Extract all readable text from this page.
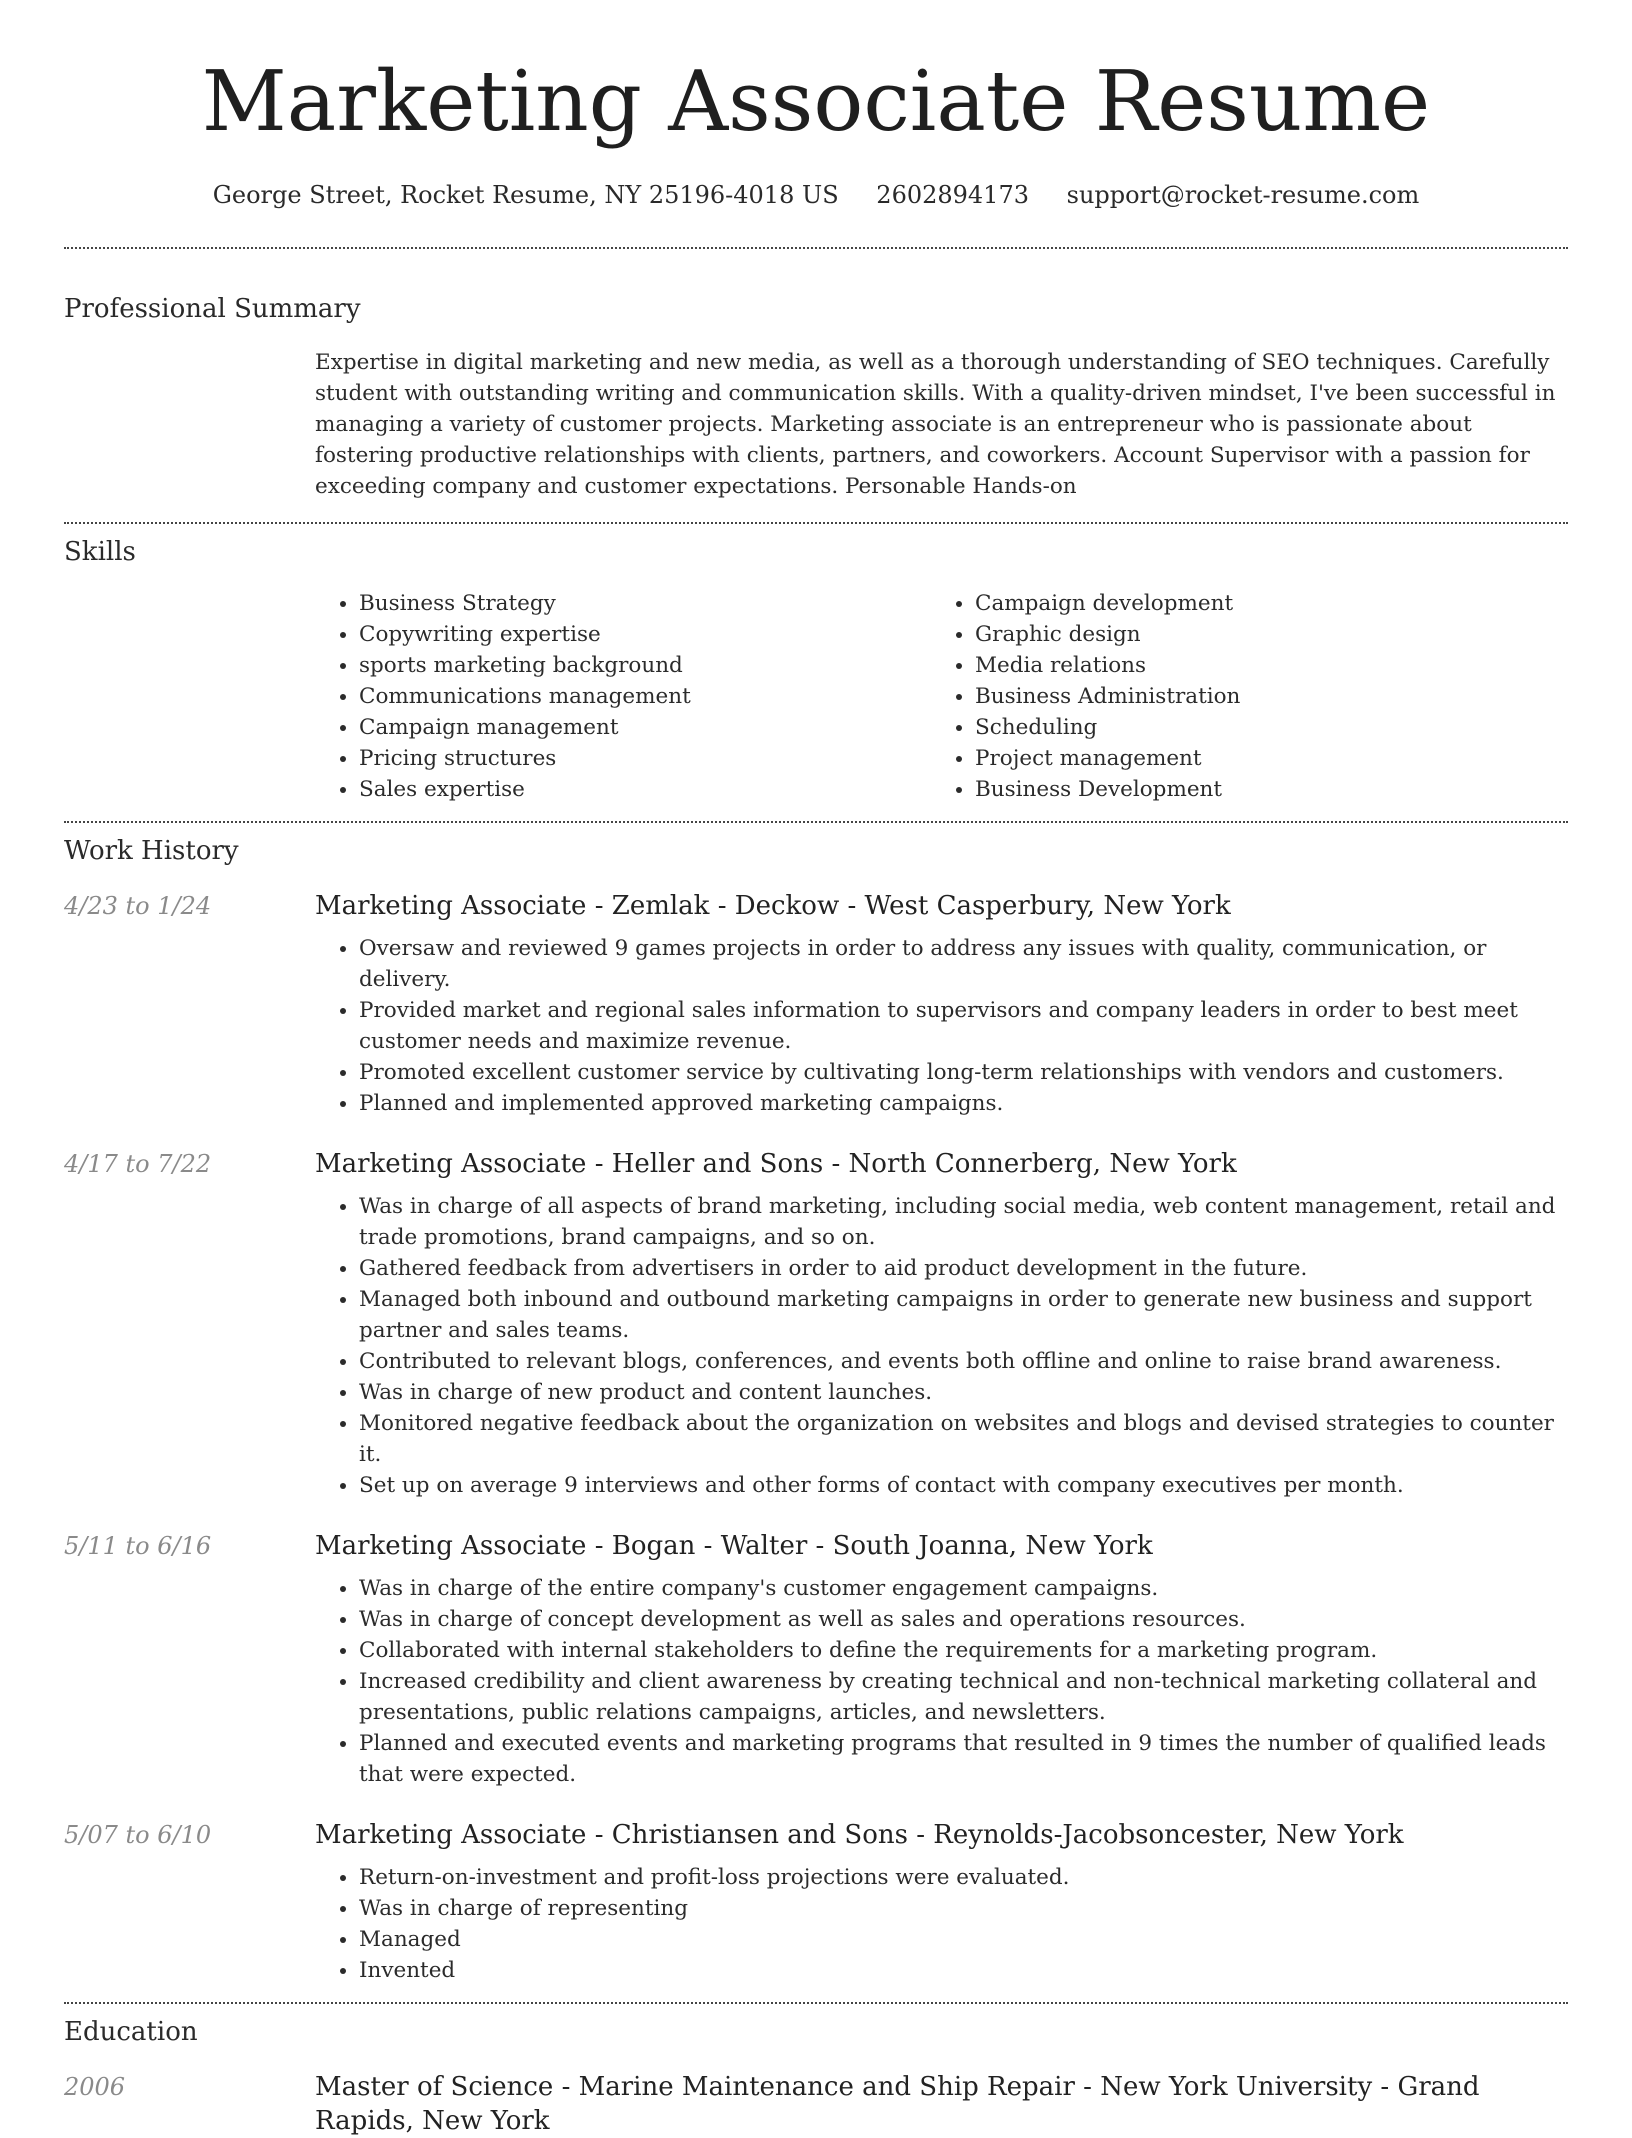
Marketing Associate Resume
George Street, Rocket Resume, NY 25196-4018 US 2602894173 support@rocket-resume.com
Professional Summary

Expertise in digital marketing and new media, as well as a thorough understanding of SEO techniques. Carefully student with outstanding writing and communication skills. With a quality-driven mindset, I've been successful in managing a variety of customer projects. Marketing associate is an entrepreneur who is passionate about fostering productive relationships with clients, partners, and coworkers. Account Supervisor with a passion for exceeding company and customer expectations. Personable Hands-on

Skills
• Business Strategy
• Copywriting expertise
• sports marketing background
• Communications management
• Campaign management
• Pricing structures
• Sales expertise
• Campaign development
• Graphic design
• Media relations
• Business Administration
• Scheduling
• Project management
• Business Development
Work History
4/23 to 1/24	Marketing Associate - Zemlak - Deckow - West Casperbury, New York
• Oversaw and reviewed 9 games projects in order to address any issues with quality, communication, or delivery.
• Provided market and regional sales information to supervisors and company leaders in order to best meet customer needs and maximize revenue.
• Promoted excellent customer service by cultivating long-term relationships with vendors and customers.
• Planned and implemented approved marketing campaigns.
4/17 to 7/22	Marketing Associate - Heller and Sons - North Connerberg, New York
• Was in charge of all aspects of brand marketing, including social media, web content management, retail and trade promotions, brand campaigns, and so on.
• Gathered feedback from advertisers in order to aid product development in the future.
• Managed both inbound and outbound marketing campaigns in order to generate new business and support partner and sales teams.
• Contributed to relevant blogs, conferences, and events both offline and online to raise brand awareness.
• Was in charge of new product and content launches.
• Monitored negative feedback about the organization on websites and blogs and devised strategies to counter it.
• Set up on average 9 interviews and other forms of contact with company executives per month.
5/11 to 6/16	Marketing Associate - Bogan - Walter - South Joanna, New York
• Was in charge of the entire company's customer engagement campaigns.
• Was in charge of concept development as well as sales and operations resources.
• Collaborated with internal stakeholders to define the requirements for a marketing program.
• Increased credibility and client awareness by creating technical and non-technical marketing collateral and presentations, public relations campaigns, articles, and newsletters.
• Planned and executed events and marketing programs that resulted in 9 times the number of qualified leads that were expected.
5/07 to 6/10	Marketing Associate - Christiansen and Sons - Reynolds-Jacobsoncester, New York
• Return-on-investment and profit-loss projections were evaluated.
• Was in charge of representing
• Managed
• Invented
Education
2006	Master of Science - Marine Maintenance and Ship Repair - New York University - Grand Rapids, New York
